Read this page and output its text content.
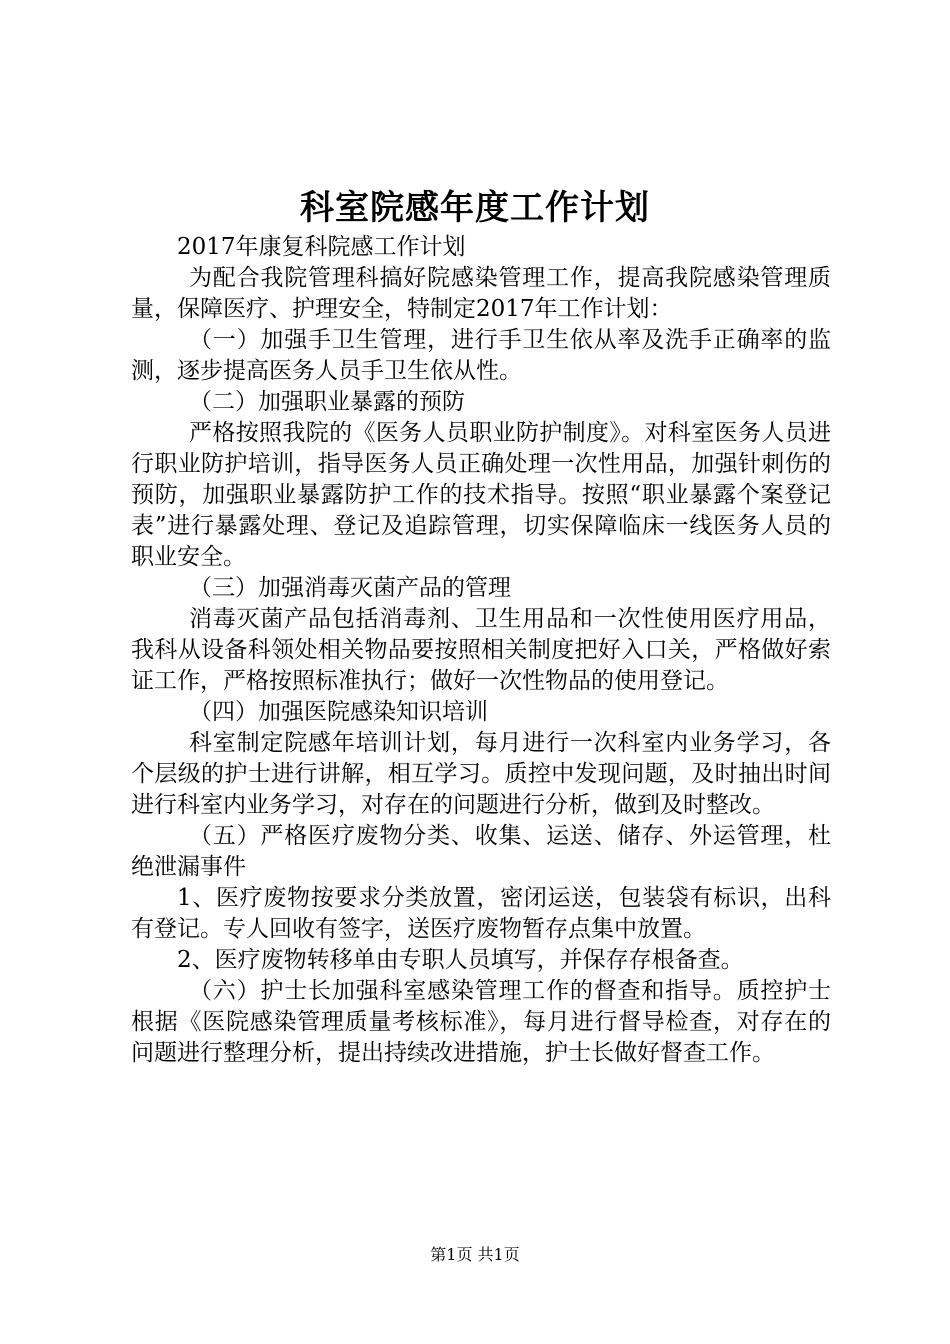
科室院感年度工作计划

2017年康复科院感工作计划

为配合我院管理科搞好院感染管理工作，提高我院感染管理质量，保障医疗、护理安全，特制定2017年工作计划：

（一）加强手卫生管理，进行手卫生依从率及洗手正确率的监测，逐步提高医务人员手卫生依从性。

（二）加强职业暴露的预防

严格按照我院的《医务人员职业防护制度》。对科室医务人员进行职业防护培训，指导医务人员正确处理一次性用品，加强针刺伤的预防，加强职业暴露防护工作的技术指导。按照“职业暴露个案登记表”进行暴露处理、登记及追踪管理，切实保障临床一线医务人员的职业安全。

（三）加强消毒灭菌产品的管理

消毒灭菌产品包括消毒剂、卫生用品和一次性使用医疗用品，我科从设备科领处相关物品要按照相关制度把好入口关，严格做好索证工作，严格按照标准执行；做好一次性物品的使用登记。

（四）加强医院感染知识培训

科室制定院感年培训计划，每月进行一次科室内业务学习，各个层级的护士进行讲解，相互学习。质控中发现问题，及时抽出时间进行科室内业务学习，对存在的问题进行分析，做到及时整改。

（五）严格医疗废物分类、收集、运送、储存、外运管理，杜绝泄漏事件

1、医疗废物按要求分类放置，密闭运送，包装袋有标识，出科有登记。专人回收有签字，送医疗废物暂存点集中放置。

2、医疗废物转移单由专职人员填写，并保存存根备查。

（六）护士长加强科室感染管理工作的督查和指导。质控护士根据《医院感染管理质量考核标准》，每月进行督导检查，对存在的问题进行整理分析，提出持续改进措施，护士长做好督查工作。

第1页 共1页
